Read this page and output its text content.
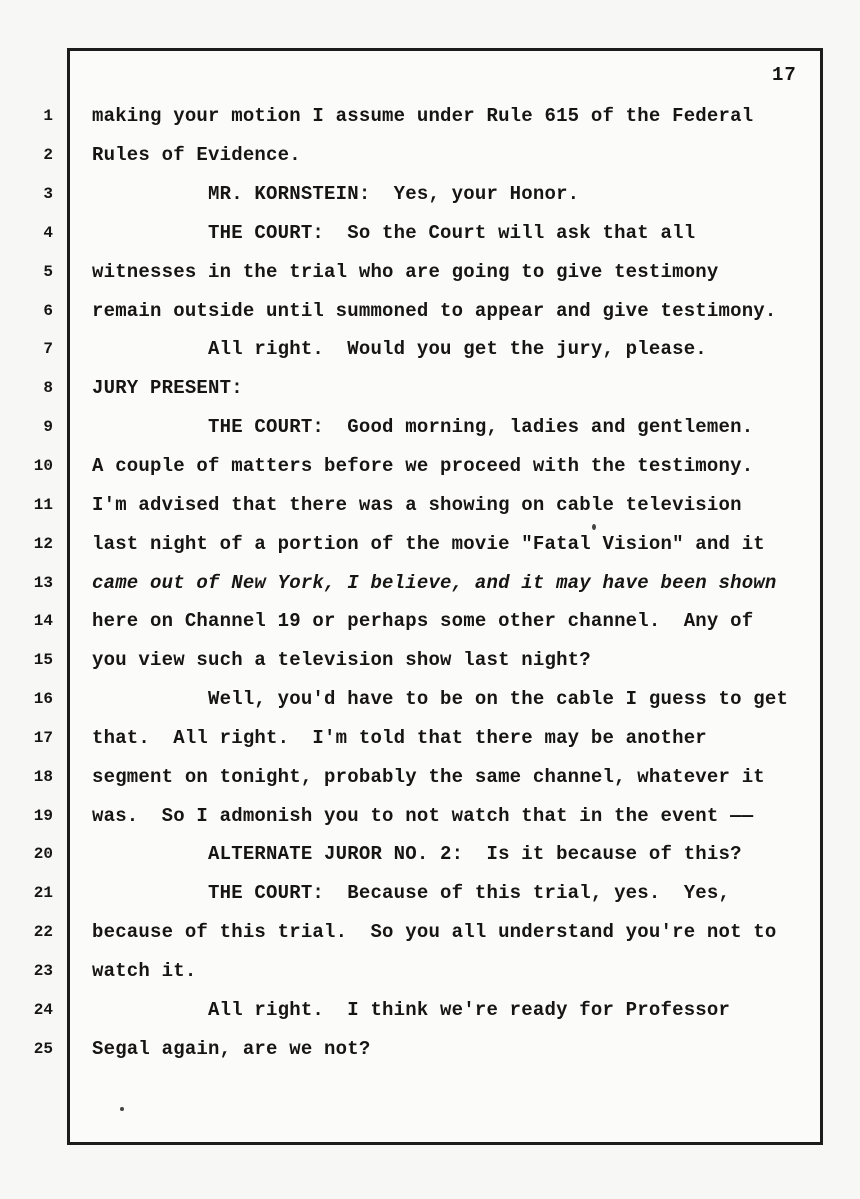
17
1
2
3
4
5
6
7
8
9
10
11
12
13
14
15
16
17
18
19
20
21
22
23
24
25
making your motion I assume under Rule 615 of the Federal
Rules of Evidence.
MR. KORNSTEIN:  Yes, your Honor.
THE COURT:  So the Court will ask that all
witnesses in the trial who are going to give testimony
remain outside until summoned to appear and give testimony.
All right.  Would you get the jury, please.
JURY PRESENT:
THE COURT:  Good morning, ladies and gentlemen.
A couple of matters before we proceed with the testimony.
I'm advised that there was a showing on cable television
last night of a portion of the movie "Fatal Vision" and it
came out of New York, I believe, and it may have been shown
here on Channel 19 or perhaps some other channel.  Any of
you view such a television show last night?
Well, you'd have to be on the cable I guess to get
that.  All right.  I'm told that there may be another
segment on tonight, probably the same channel, whatever it
was.  So I admonish you to not watch that in the event ——
ALTERNATE JUROR NO. 2:  Is it because of this?
THE COURT:  Because of this trial, yes.  Yes,
because of this trial.  So you all understand you're not to
watch it.
All right.  I think we're ready for Professor
Segal again, are we not?
